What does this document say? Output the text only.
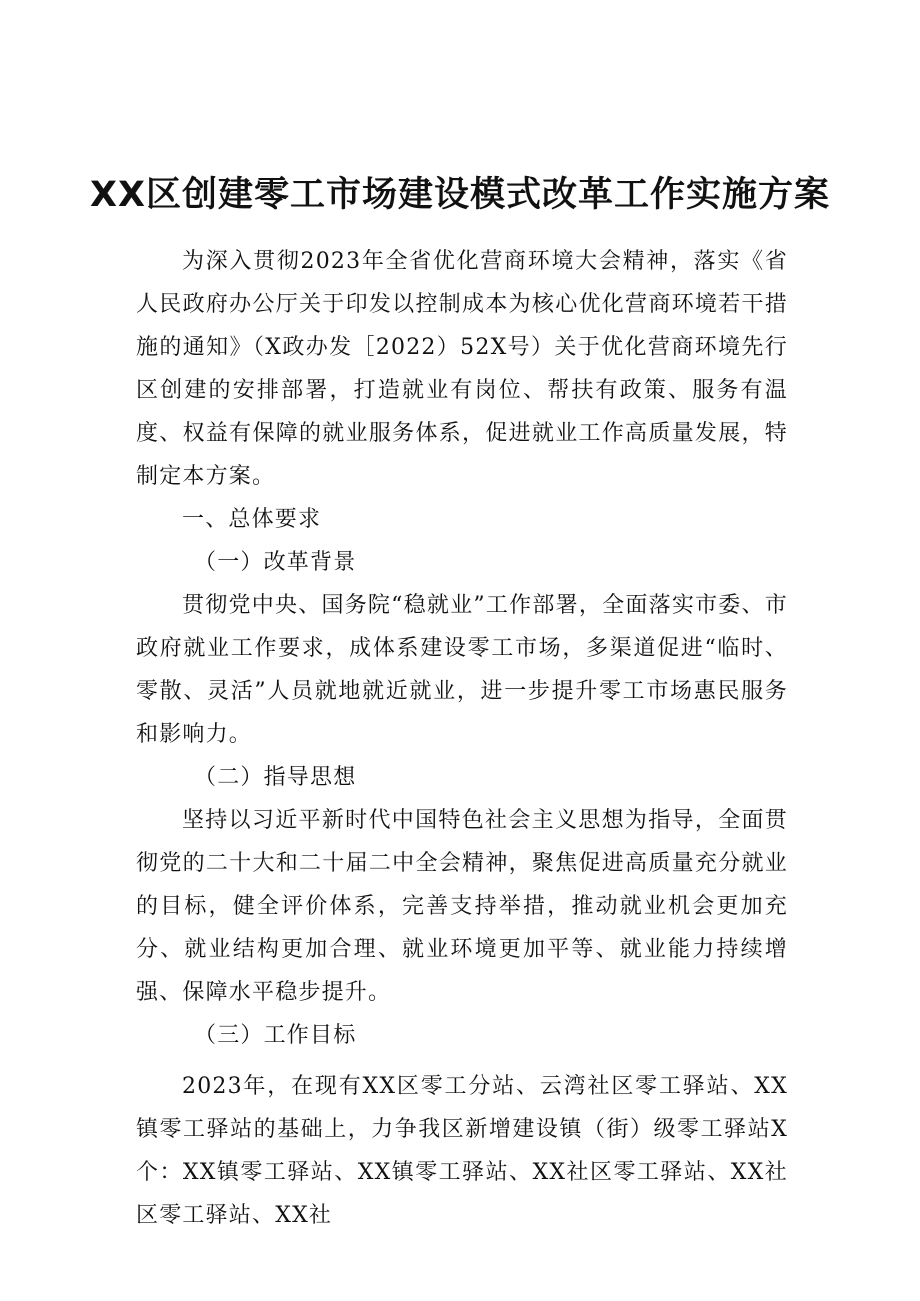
XX区创建零工市场建设模式改革工作实施方案

为深入贯彻2023年全省优化营商环境大会精神，落实《省人民政府办公厅关于印发以控制成本为核心优化营商环境若干措施的通知》（X政办发［2022）52X号）关于优化营商环境先行区创建的安排部署，打造就业有岗位、帮扶有政策、服务有温度、权益有保障的就业服务体系，促进就业工作高质量发展，特制定本方案。

一、总体要求

（一）改革背景

贯彻党中央、国务院“稳就业”工作部署，全面落实市委、市政府就业工作要求，成体系建设零工市场，多渠道促进“临时、零散、灵活”人员就地就近就业，进一步提升零工市场惠民服务和影响力。

（二）指导思想

坚持以习近平新时代中国特色社会主义思想为指导，全面贯彻党的二十大和二十届二中全会精神，聚焦促进高质量充分就业的目标，健全评价体系，完善支持举措，推动就业机会更加充分、就业结构更加合理、就业环境更加平等、就业能力持续增强、保障水平稳步提升。

（三）工作目标

2023年，在现有XX区零工分站、云湾社区零工驿站、XX镇零工驿站的基础上，力争我区新增建设镇（街）级零工驿站X个：XX镇零工驿站、XX镇零工驿站、XX社区零工驿站、XX社区零工驿站、XX社
